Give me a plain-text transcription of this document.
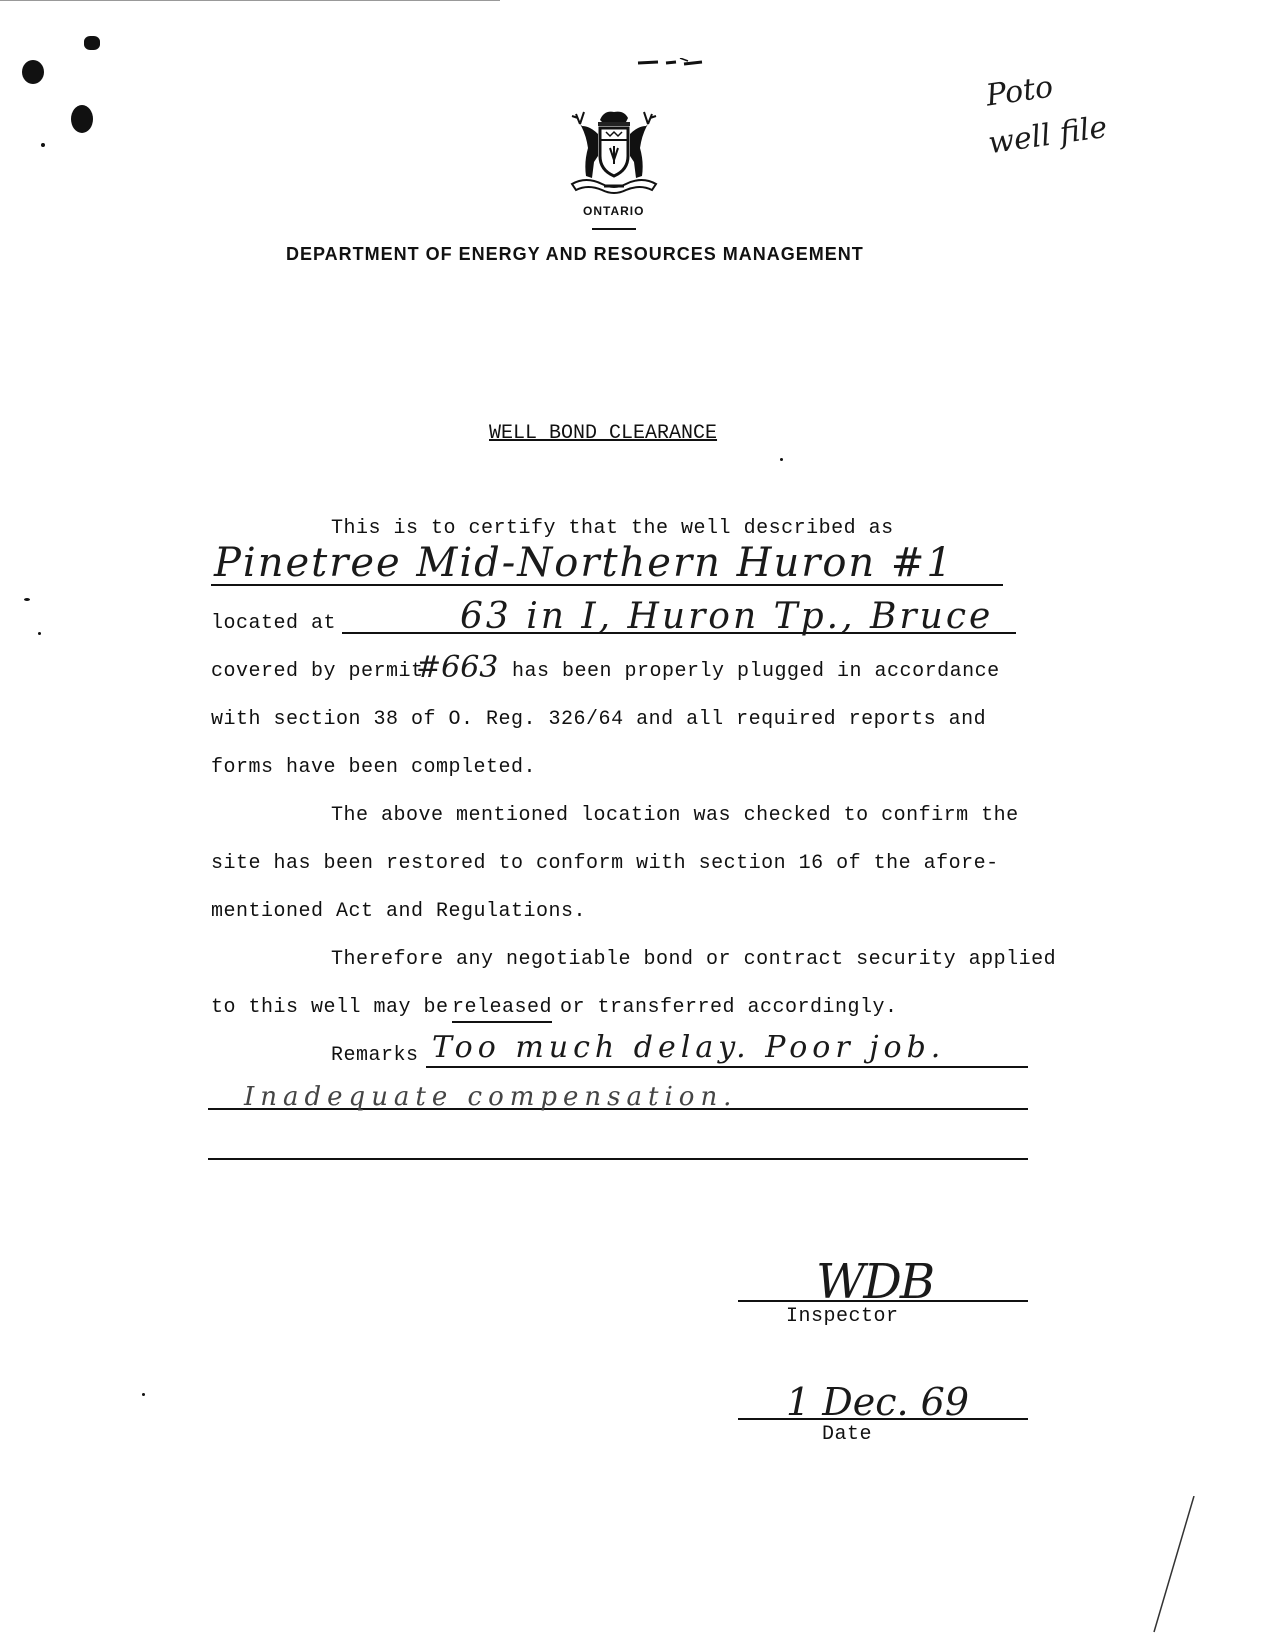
Poto
well file
ONTARIO
DEPARTMENT OF ENERGY AND RESOURCES MANAGEMENT
WELL BOND CLEARANCE
This is to certify that the well described as
Pinetree Mid-Northern Huron #1
located at	63 in I, Huron Tp., Bruce
covered by permit
#663 has been properly plugged in accordance
with section 38 of O. Reg. 326/64 and all required reports and
forms have been completed.
The above mentioned location was checked to confirm the
site has been restored to conform with section 16 of the afore-
mentioned Act and Regulations.
Therefore any negotiable bond or contract security applied
to this well may be released or transferred accordingly.
Remarks Too much delay. Poor job.
Inadequate compensation.
WDB
Inspector
1 Dec. 69
Date
